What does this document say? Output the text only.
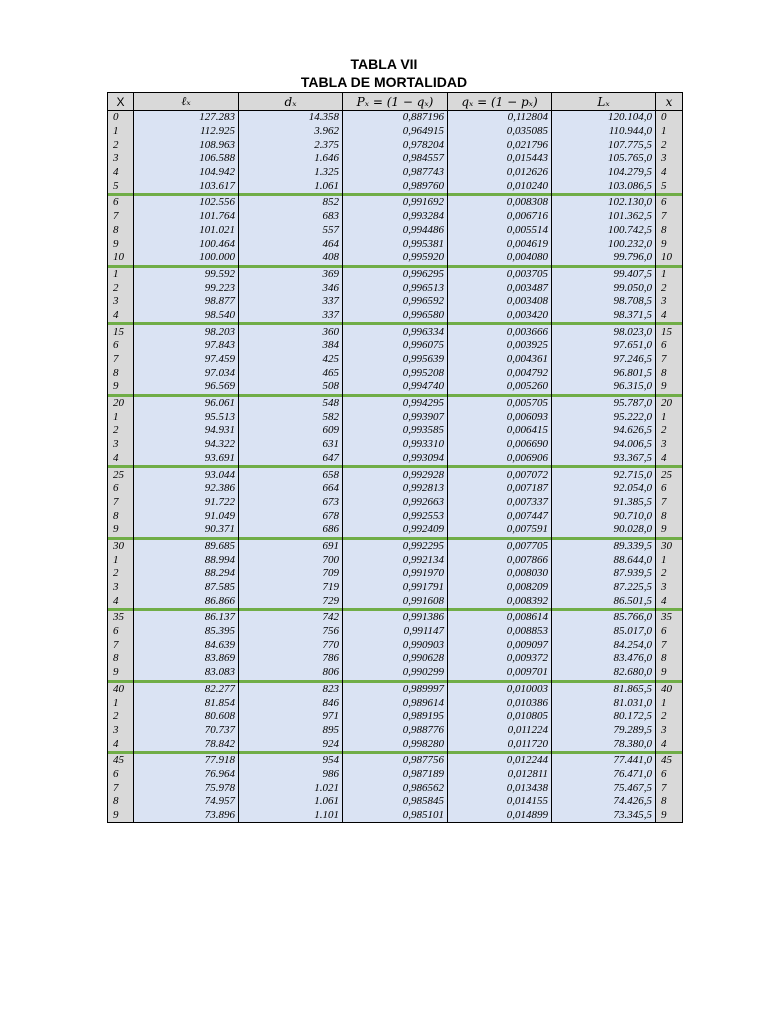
TABLA VII
TABLA DE MORTALIDAD
X	ℓₓ	dₓ	Pₓ = (1 − qₓ)	qₓ = (1 − pₓ)	Lₓ	x
0	127.283	14.358	0,887196	0,112804	120.104,0	0
1	112.925	3.962	0,964915	0,035085	110.944,0	1
2	108.963	2.375	0,978204	0,021796	107.775,5	2
3	106.588	1.646	0,984557	0,015443	105.765,0	3
4	104.942	1.325	0,987743	0,012626	104.279,5	4
5	103.617	1.061	0,989760	0,010240	103.086,5	5

6	102.556	852	0,991692	0,008308	102.130,0	6
7	101.764	683	0,993284	0,006716	101.362,5	7
8	101.021	557	0,994486	0,005514	100.742,5	8
9	100.464	464	0,995381	0,004619	100.232,0	9
10	100.000	408	0,995920	0,004080	99.796,0	10

1	99.592	369	0,996295	0,003705	99.407,5	1
2	99.223	346	0,996513	0,003487	99.050,0	2
3	98.877	337	0,996592	0,003408	98.708,5	3
4	98.540	337	0,996580	0,003420	98.371,5	4

15	98.203	360	0,996334	0,003666	98.023,0	15
6	97.843	384	0,996075	0,003925	97.651,0	6
7	97.459	425	0,995639	0,004361	97.246,5	7
8	97.034	465	0,995208	0,004792	96.801,5	8
9	96.569	508	0,994740	0,005260	96.315,0	9

20	96.061	548	0,994295	0,005705	95.787,0	20
1	95.513	582	0,993907	0,006093	95.222,0	1
2	94.931	609	0,993585	0,006415	94.626,5	2
3	94.322	631	0,993310	0,006690	94.006,5	3
4	93.691	647	0,993094	0,006906	93.367,5	4

25	93.044	658	0,992928	0,007072	92.715,0	25
6	92.386	664	0,992813	0,007187	92.054,0	6
7	91.722	673	0,992663	0,007337	91.385,5	7
8	91.049	678	0,992553	0,007447	90.710,0	8
9	90.371	686	0,992409	0,007591	90.028,0	9

30	89.685	691	0,992295	0,007705	89.339,5	30
1	88.994	700	0,992134	0,007866	88.644,0	1
2	88.294	709	0,991970	0,008030	87.939,5	2
3	87.585	719	0,991791	0,008209	87.225,5	3
4	86.866	729	0,991608	0,008392	86.501,5	4

35	86.137	742	0,991386	0,008614	85.766,0	35
6	85.395	756	0,991147	0,008853	85.017,0	6
7	84.639	770	0,990903	0,009097	84.254,0	7
8	83.869	786	0,990628	0,009372	83.476,0	8
9	83.083	806	0,990299	0,009701	82.680,0	9

40	82.277	823	0,989997	0,010003	81.865,5	40
1	81.854	846	0,989614	0,010386	81.031,0	1
2	80.608	971	0,989195	0,010805	80.172,5	2
3	70.737	895	0,988776	0,011224	79.289,5	3
4	78.842	924	0,998280	0,011720	78.380,0	4

45	77.918	954	0,987756	0,012244	77.441,0	45
6	76.964	986	0,987189	0,012811	76.471,0	6
7	75.978	1.021	0,986562	0,013438	75.467,5	7
8	74.957	1.061	0,985845	0,014155	74.426,5	8
9	73.896	1.101	0,985101	0,014899	73.345,5	9
